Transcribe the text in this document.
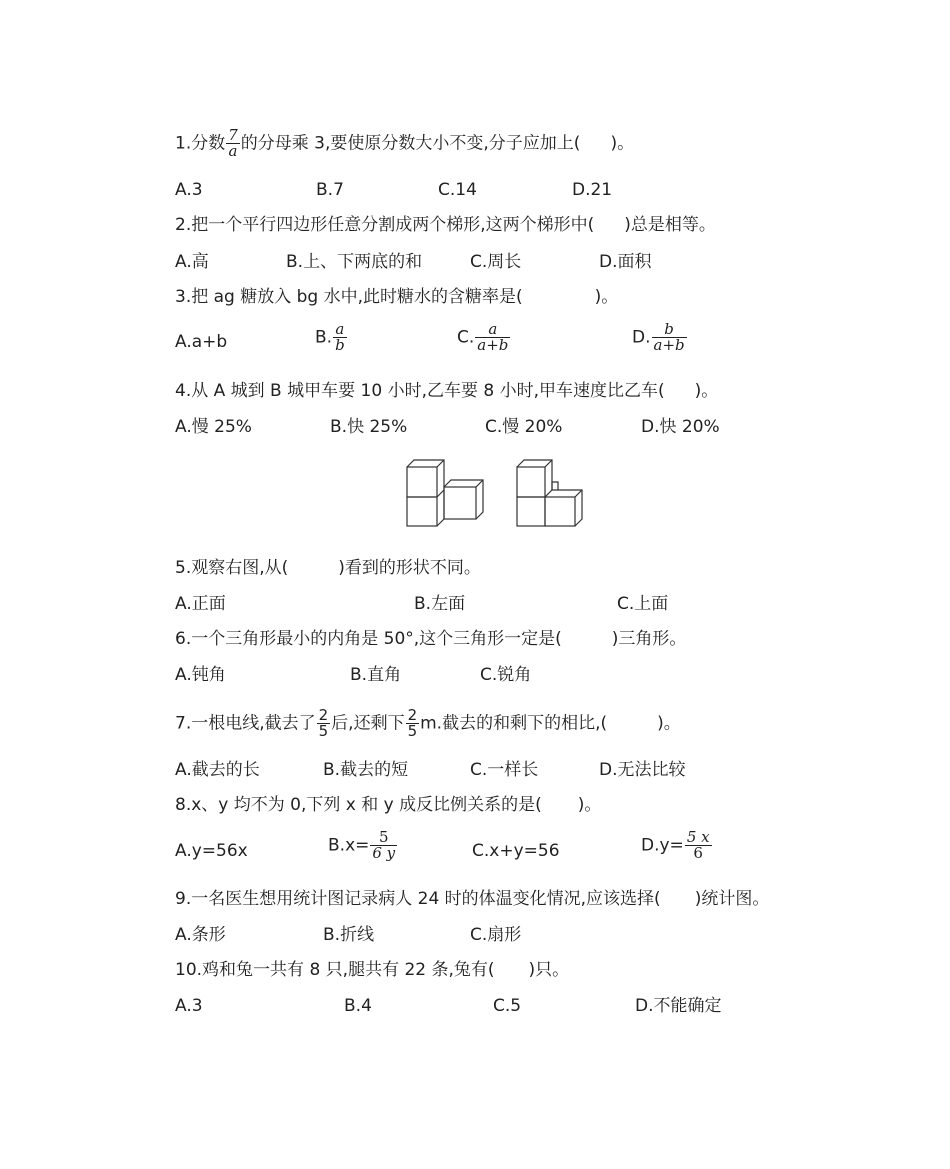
1.分数 $\frac{7}{a}$ 的分母乘 3,要使原分数大小不变,分子应加上( )。
A.3	B.7	C.14	D.21
2.把一个平行四边形任意分割成两个梯形,这两个梯形中( )总是相等。
A.高	B.上、下两底的和	C.周长	D.面积
3.把 ag 糖放入 bg 水中,此时糖水的含糖率是(	)。
A.a+b	B. $\frac{a}{b}$	C. $\frac{a}{a+b}$	D. $\frac{b}{a+b}$
4.从 A 城到 B 城甲车要 10 小时,乙车要 8 小时,甲车速度比乙车( )。
A.慢 25%	B.快 25%	C.慢 20%	D.快 20%
5.观察右图,从(	)看到的形状不同。
A.正面	B.左面	C.上面
6.一个三角形最小的内角是 50°,这个三角形一定是(	)三角形。
A.钝角	B.直角	C.锐角
7.一根电线,截去了 $\frac{2}{5}$ 后,还剩下 $\frac{2}{5} m$.截去的和剩下的相比,(	)。
A.截去的长	B.截去的短	C.一样长	D.无法比较
8.x、y 均不为 0,下列 x 和 y 成反比例关系的是( )。
A.y=56x	$B.x= \frac{5}{6 y}$	C.x+y=56	$D.y= \frac{5 x}{6}$
9.一名医生想用统计图记录病人 24 时的体温变化情况,应该选择( )统计图。
A.条形	B.折线	C.扇形
10.鸡和兔一共有 8 只,腿共有 22 条,兔有( )只。
A.3	B.4	C.5	D.不能确定
